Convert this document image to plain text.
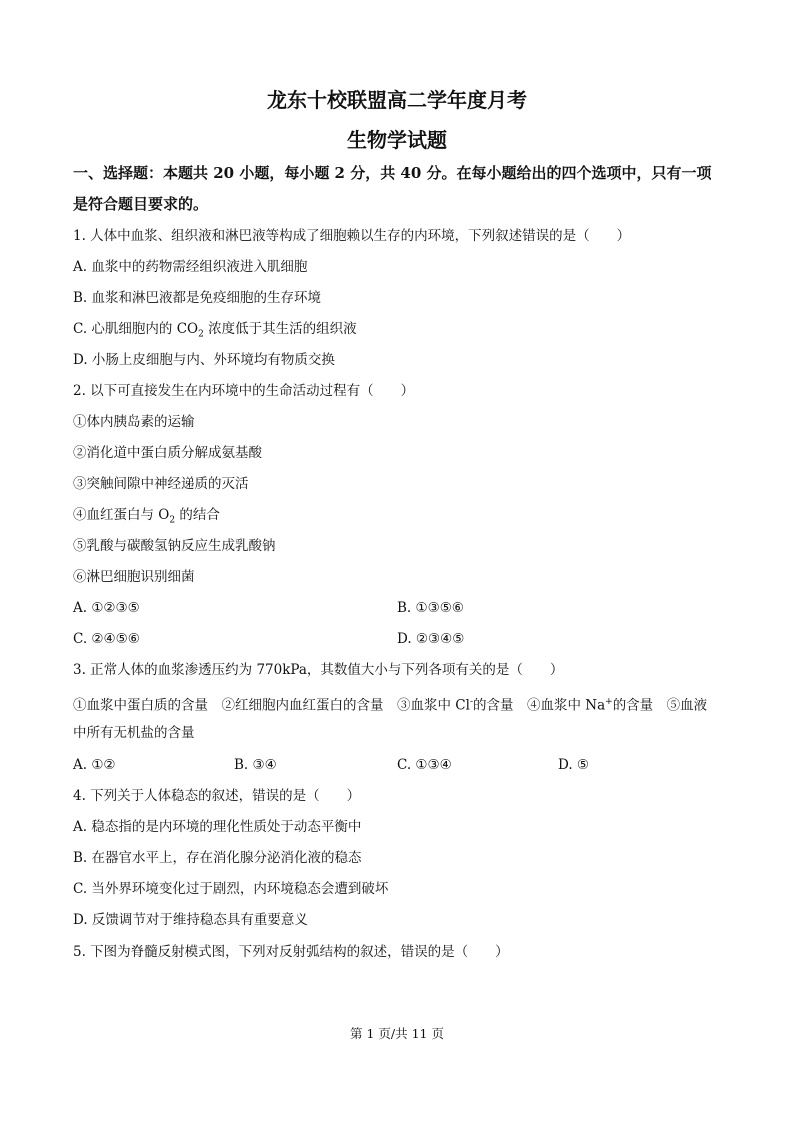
龙东十校联盟高二学年度月考
生物学试题
一、选择题：本题共 20 小题，每小题 2 分，共 40 分。在每小题给出的四个选项中，只有一项是符合题目要求的。
1. 人体中血浆、组织液和淋巴液等构成了细胞赖以生存的内环境，下列叙述错误的是（　　）
A. 血浆中的药物需经组织液进入肌细胞
B. 血浆和淋巴液都是免疫细胞的生存环境
C. 心肌细胞内的 $CO_2$ 浓度低于其生活的组织液
D. 小肠上皮细胞与内、外环境均有物质交换
2. 以下可直接发生在内环境中的生命活动过程有（　　）
①体内胰岛素的运输
②消化道中蛋白质分解成氨基酸
③突触间隙中神经递质的灭活
④血红蛋白与 $O_2$ 的结合
⑤乳酸与碳酸氢钠反应生成乳酸钠
⑥淋巴细胞识别细菌
A. ①②③⑤	B. ①③⑤⑥
C. ②④⑤⑥	D. ②③④⑤
3. 正常人体的血浆渗透压约为 770kPa，其数值大小与下列各项有关的是（　　）
①血浆中蛋白质的含量　②红细胞内血红蛋白的含量　③血浆中 Cl-的含量　④血浆中 Na+的含量　⑤血液
中所有无机盐的含量
A. ①②	B. ③④	C. ①③④	D. ⑤
4. 下列关于人体稳态的叙述，错误的是（　　）
A. 稳态指的是内环境的理化性质处于动态平衡中
B. 在器官水平上，存在消化腺分泌消化液的稳态
C. 当外界环境变化过于剧烈，内环境稳态会遭到破坏
D. 反馈调节对于维持稳态具有重要意义
5. 下图为脊髓反射模式图，下列对反射弧结构的叙述，错误的是（　　）
第 1 页/共 11 页
